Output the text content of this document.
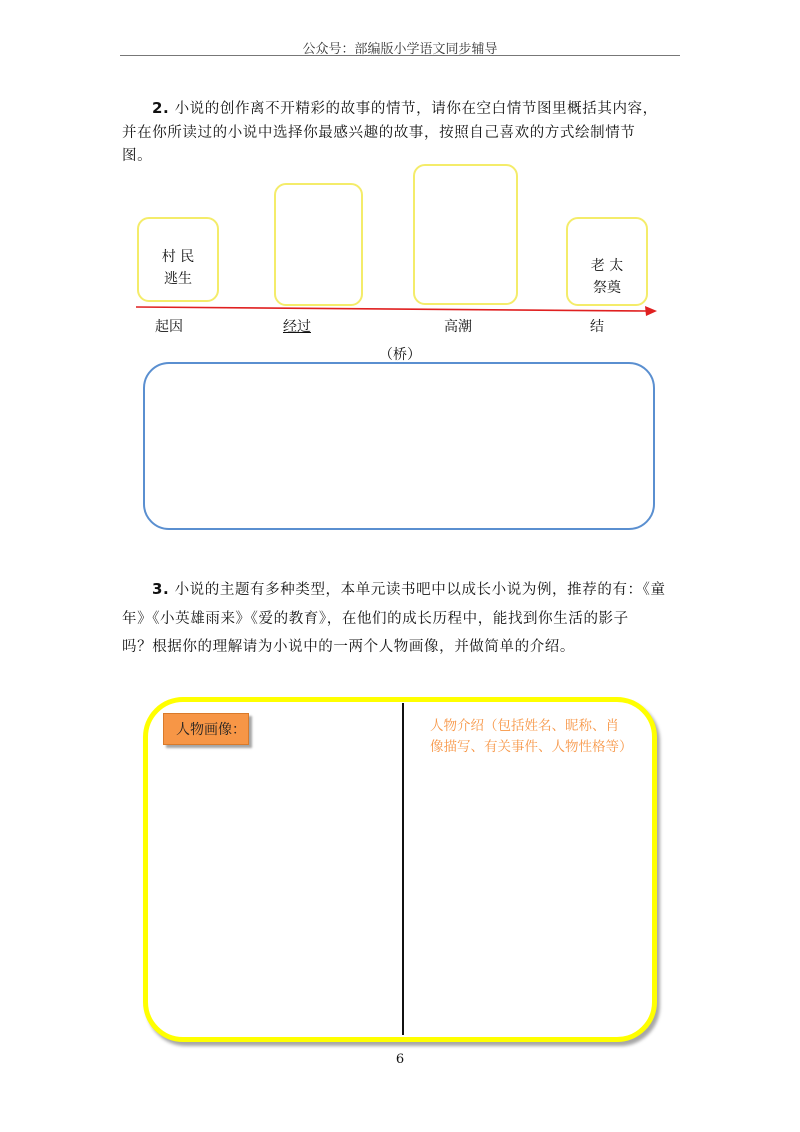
公众号：部编版小学语文同步辅导
2. 小说的创作离不开精彩的故事的情节，请你在空白情节图里概括其内容，
并在你所读过的小说中选择你最感兴趣的故事，按照自己喜欢的方式绘制情节
图。
村 民
逃生
老 太
祭奠
起因	经过	高潮	结
（桥）
3. 小说的主题有多种类型，本单元读书吧中以成长小说为例，推荐的有：《童
年》《小英雄雨来》《爱的教育》，在他们的成长历程中，能找到你生活的影子
吗？根据你的理解请为小说中的一两个人物画像，并做简单的介绍。
人物画像：	人物介绍（包括姓名、昵称、肖
像描写、有关事件、人物性格等）
6
